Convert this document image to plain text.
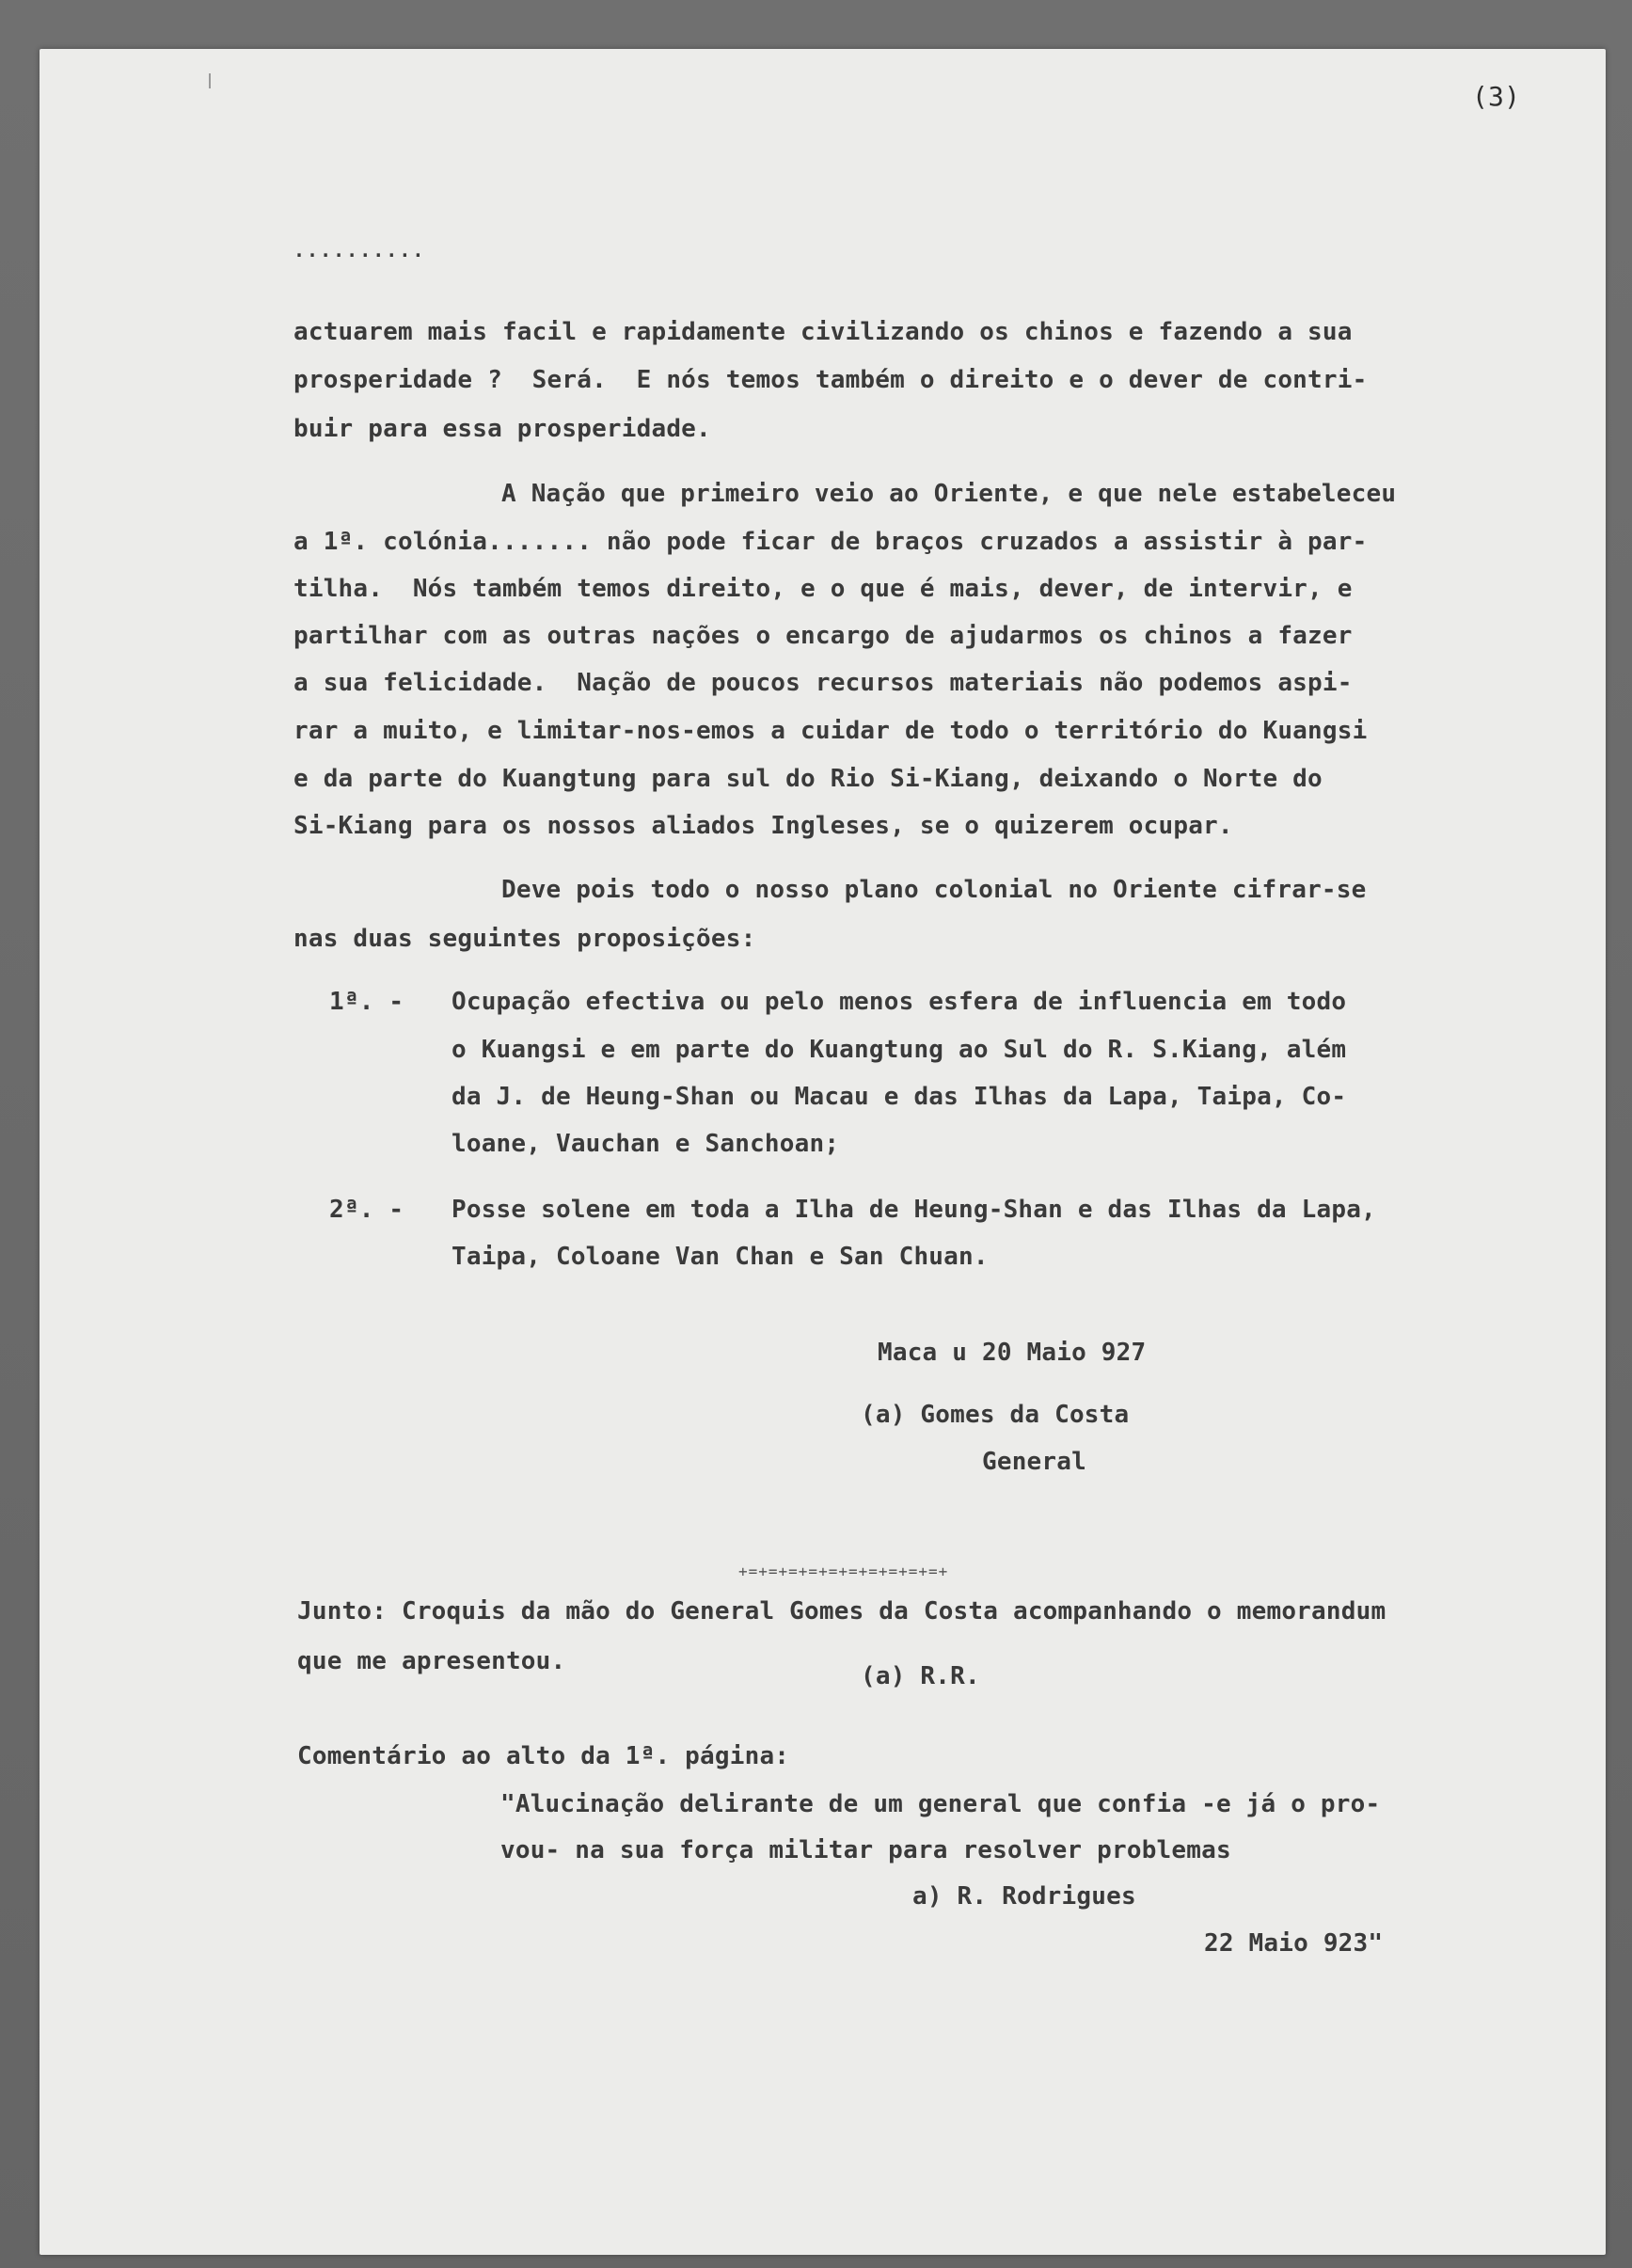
(3)
..........
actuarem mais facil e rapidamente civilizando os chinos e fazendo a sua
prosperidade ?  Será.  E nós temos também o direito e o dever de contri-
buir para essa prosperidade.
A Nação que primeiro veio ao Oriente, e que nele estabeleceu
a 1ª. colónia....... não pode ficar de braços cruzados a assistir à par-
tilha.  Nós também temos direito, e o que é mais, dever, de intervir, e
partilhar com as outras nações o encargo de ajudarmos os chinos a fazer
a sua felicidade.  Nação de poucos recursos materiais não podemos aspi-
rar a muito, e limitar-nos-emos a cuidar de todo o território do Kuangsi
e da parte do Kuangtung para sul do Rio Si-Kiang, deixando o Norte do
Si-Kiang para os nossos aliados Ingleses, se o quizerem ocupar.
Deve pois todo o nosso plano colonial no Oriente cifrar-se
nas duas seguintes proposições:
1ª. - Ocupação efectiva ou pelo menos esfera de influencia em todo
o Kuangsi e em parte do Kuangtung ao Sul do R. S.Kiang, além
da J. de Heung-Shan ou Macau e das Ilhas da Lapa, Taipa, Co-
loane, Vauchan e Sanchoan;
2ª. - Posse solene em toda a Ilha de Heung-Shan e das Ilhas da Lapa,
Taipa, Coloane Van Chan e San Chuan.
Maca u 20 Maio 927
(a) Gomes da Costa
General
+=+=+=+=+=+=+=+=+=+=+
Junto: Croquis da mão do General Gomes da Costa acompanhando o memorandum
que me apresentou.
(a) R.R.
Comentário ao alto da 1ª. página:
"Alucinação delirante de um general que confia -e já o pro-
vou- na sua força militar para resolver problemas
a) R. Rodrigues
22 Maio 923"
